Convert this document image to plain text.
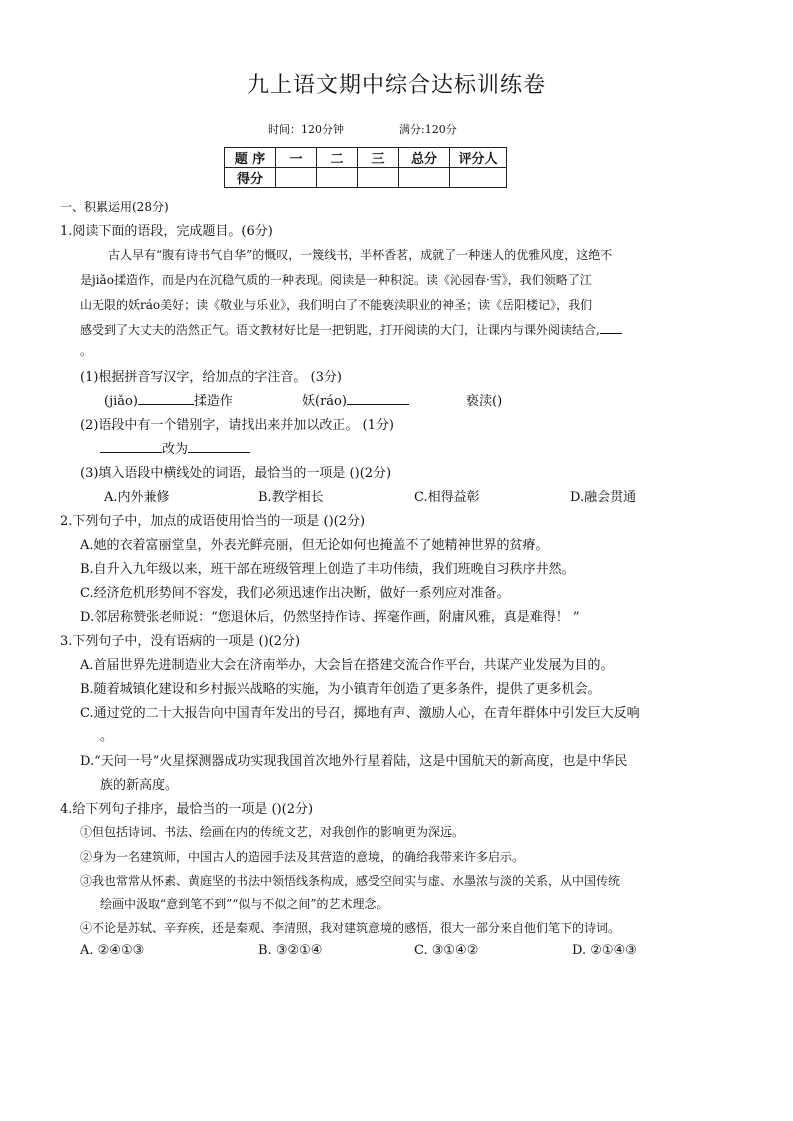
九上语文期中综合达标训练卷
时间：120分钟	满分:120分
题 序	一	二	三	总分	评分人
得分					
一、积累运用(28分)
1.阅读下面的语段，完成题目。(6分)
古人早有“腹有诗书气自华”的慨叹，一篾线书，半杯香茗，成就了一种迷人的优雅风度，这绝不
是jiǎo揉造作，而是内在沉稳气质的一种表现。阅读是一种积淀。读《沁园春·雪》，我们领略了江
山无限的妖ráo美好；读《敬业与乐业》，我们明白了不能亵渎职业的神圣；读《岳阳楼记》，我们
感受到了大丈夫的浩然正气。语文教材好比是一把钥匙，打开阅读的大门，让课内与课外阅读结合,
。
(1)根据拼音写汉字，给加点的字注音。 (3分)
(jiǎo)	揉造作	妖(ráo)	亵渎()
(2)语段中有一个错别字，请找出来并加以改正。 (1分)
改为
(3)填入语段中横线处的词语，最恰当的一项是 ()(2分)
A.内外兼修	B.教学相长	C.相得益彰	D.融会贯通
2.下列句子中，加点的成语使用恰当的一项是 ()(2分)
A.她的衣着富丽堂皇，外表光鲜亮丽，但无论如何也掩盖不了她精神世界的贫瘠。
B.自升入九年级以来，班干部在班级管理上创造了丰功伟绩，我们班晚自习秩序井然。
C.经济危机形势间不容发，我们必须迅速作出决断，做好一系列应对准备。
D.邻居称赞张老师说：“您退休后，仍然坚持作诗、挥毫作画，附庸风雅，真是难得！ ”
3.下列句子中，没有语病的一项是 ()(2分)
A.首届世界先进制造业大会在济南举办，大会旨在搭建交流合作平台，共谋产业发展为目的。
B.随着城镇化建设和乡村振兴战略的实施，为小镇青年创造了更多条件，提供了更多机会。
C.通过党的二十大报告向中国青年发出的号召，掷地有声、激励人心，在青年群体中引发巨大反响
。
D.“天问一号”火星探测器成功实现我国首次地外行星着陆，这是中国航天的新高度，也是中华民
族的新高度。
4.给下列句子排序，最恰当的一项是 ()(2分)
①但包括诗词、书法、绘画在内的传统文艺，对我创作的影响更为深远。
②身为一名建筑师，中国古人的造园手法及其营造的意境，的确给我带来许多启示。
③我也常常从怀素、黄庭坚的书法中领悟线条构成，感受空间实与虚、水墨浓与淡的关系，从中国传统
绘画中汲取“意到笔不到”“似与不似之间”的艺术理念。
④不论是苏轼、辛弃疾，还是秦观、李清照，我对建筑意境的感悟，很大一部分来自他们笔下的诗词。
A. ②④①③	B. ③②①④	C. ③①④②	D. ②①④③
